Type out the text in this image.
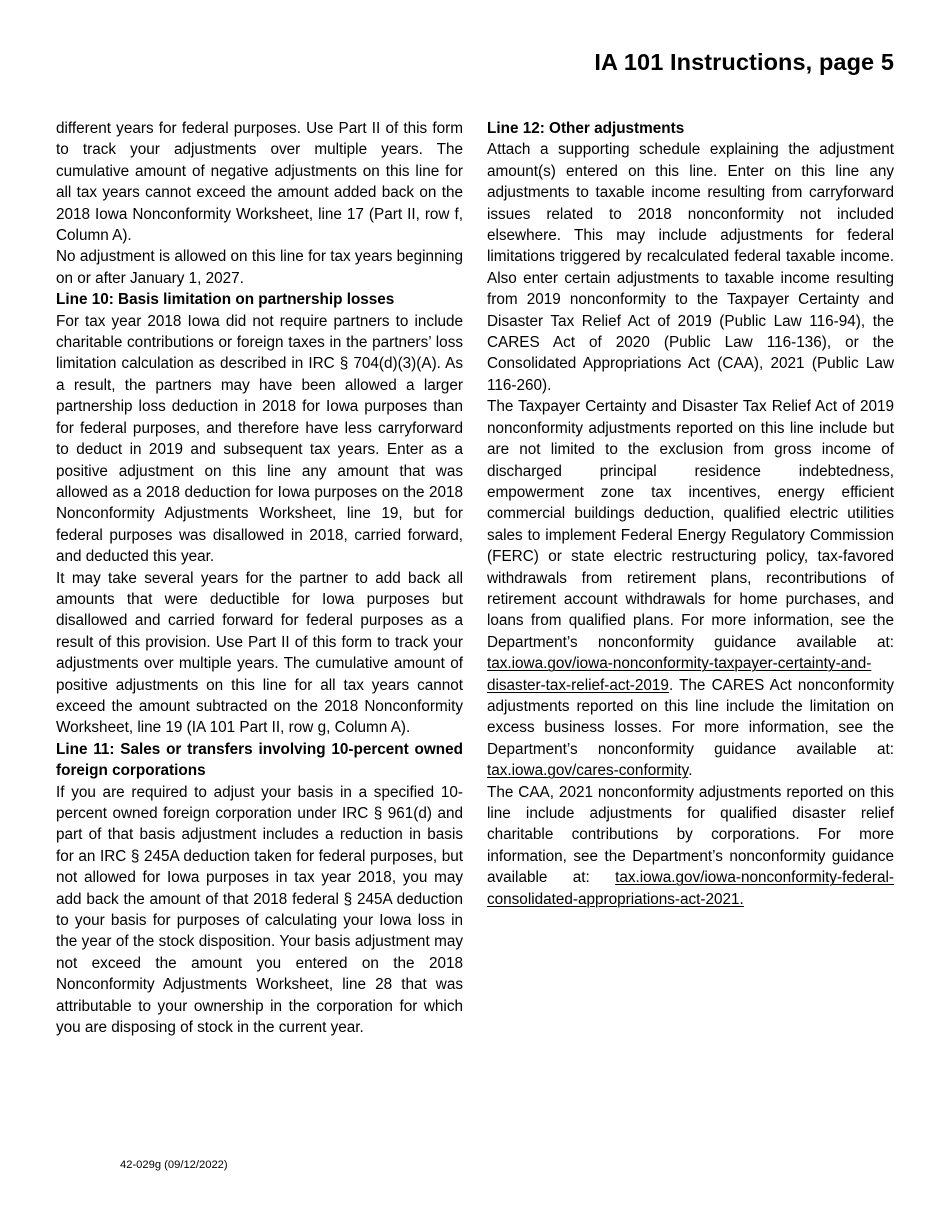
IA 101 Instructions, page 5

different years for federal purposes. Use Part II of this form to track your adjustments over multiple years. The cumulative amount of negative adjustments on this line for all tax years cannot exceed the amount added back on the 2018 Iowa Nonconformity Worksheet, line 17 (Part II, row f, Column A).

No adjustment is allowed on this line for tax years beginning on or after January 1, 2027.

Line 10: Basis limitation on partnership losses

For tax year 2018 Iowa did not require partners to include charitable contributions or foreign taxes in the partners’ loss limitation calculation as described in IRC § 704(d)(3)(A). As a result, the partners may have been allowed a larger partnership loss deduction in 2018 for Iowa purposes than for federal purposes, and therefore have less carryforward to deduct in 2019 and subsequent tax years. Enter as a positive adjustment on this line any amount that was allowed as a 2018 deduction for Iowa purposes on the 2018 Nonconformity Adjustments Worksheet, line 19, but for federal purposes was disallowed in 2018, carried forward, and deducted this year.

It may take several years for the partner to add back all amounts that were deductible for Iowa purposes but disallowed and carried forward for federal purposes as a result of this provision. Use Part II of this form to track your adjustments over multiple years. The cumulative amount of positive adjustments on this line for all tax years cannot exceed the amount subtracted on the 2018 Nonconformity Worksheet, line 19 (IA 101 Part II, row g, Column A).

Line 11: Sales or transfers involving 10-percent owned foreign corporations

If you are required to adjust your basis in a specified 10-percent owned foreign corporation under IRC § 961(d) and part of that basis adjustment includes a reduction in basis for an IRC § 245A deduction taken for federal purposes, but not allowed for Iowa purposes in tax year 2018, you may add back the amount of that 2018 federal § 245A deduction to your basis for purposes of calculating your Iowa loss in the year of the stock disposition. Your basis adjustment may not exceed the amount you entered on the 2018 Nonconformity Adjustments Worksheet, line 28 that was attributable to your ownership in the corporation for which you are disposing of stock in the current year.

Line 12: Other adjustments

Attach a supporting schedule explaining the adjustment amount(s) entered on this line. Enter on this line any adjustments to taxable income resulting from carryforward issues related to 2018 nonconformity not included elsewhere. This may include adjustments for federal limitations triggered by recalculated federal taxable income. Also enter certain adjustments to taxable income resulting from 2019 nonconformity to the Taxpayer Certainty and Disaster Tax Relief Act of 2019 (Public Law 116-94), the CARES Act of 2020 (Public Law 116-136), or the Consolidated Appropriations Act (CAA), 2021 (Public Law 116-260).

The Taxpayer Certainty and Disaster Tax Relief Act of 2019 nonconformity adjustments reported on this line include but are not limited to the exclusion from gross income of discharged principal residence indebtedness, empowerment zone tax incentives, energy efficient commercial buildings deduction, qualified electric utilities sales to implement Federal Energy Regulatory Commission (FERC) or state electric restructuring policy, tax-favored withdrawals from retirement plans, recontributions of retirement account withdrawals for home purchases, and loans from qualified plans. For more information, see the Department’s nonconformity guidance available at: tax.iowa.gov/iowa-nonconformity-taxpayer-certainty-and-disaster-tax-relief-act-2019. The CARES Act nonconformity adjustments reported on this line include the limitation on excess business losses. For more information, see the Department’s nonconformity guidance available at: tax.iowa.gov/cares-conformity.

The CAA, 2021 nonconformity adjustments reported on this line include adjustments for qualified disaster relief charitable contributions by corporations. For more information, see the Department’s nonconformity guidance available at: tax.iowa.gov/iowa-nonconformity-federal-consolidated-appropriations-act-2021.

42-029g (09/12/2022)
